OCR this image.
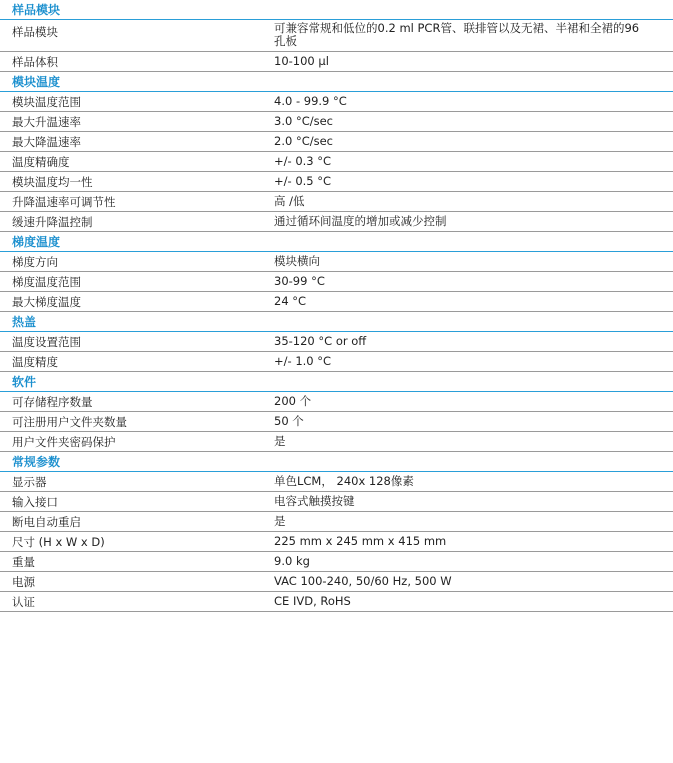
样品模块
样品模块	可兼容常规和低位的0.2 ml PCR管、联排管以及无裙、半裙和全裙的96 孔板
样品体积	10-100 µl
模块温度
模块温度范围	4.0 - 99.9 °C
最大升温速率	3.0 °C/sec
最大降温速率	2.0 °C/sec
温度精确度	+/- 0.3 °C
模块温度均一性	+/- 0.5 °C
升降温速率可调节性	高 /低
缓速升降温控制	通过循环间温度的增加或减少控制
梯度温度
梯度方向	模块横向
梯度温度范围	30-99 °C
最大梯度温度	24 °C
热盖
温度设置范围	35-120 °C or off
温度精度	+/- 1.0 °C
软件
可存储程序数量	200 个
可注册用户文件夹数量	50 个
用户文件夹密码保护	是
常规参数
显示器	单色LCM， 240x 128像素
输入接口	电容式触摸按键
断电自动重启	是
尺寸 (H x W x D)	225 mm x 245 mm x 415 mm
重量	9.0 kg
电源	VAC 100-240, 50/60 Hz, 500 W
认证	CE IVD, RoHS
